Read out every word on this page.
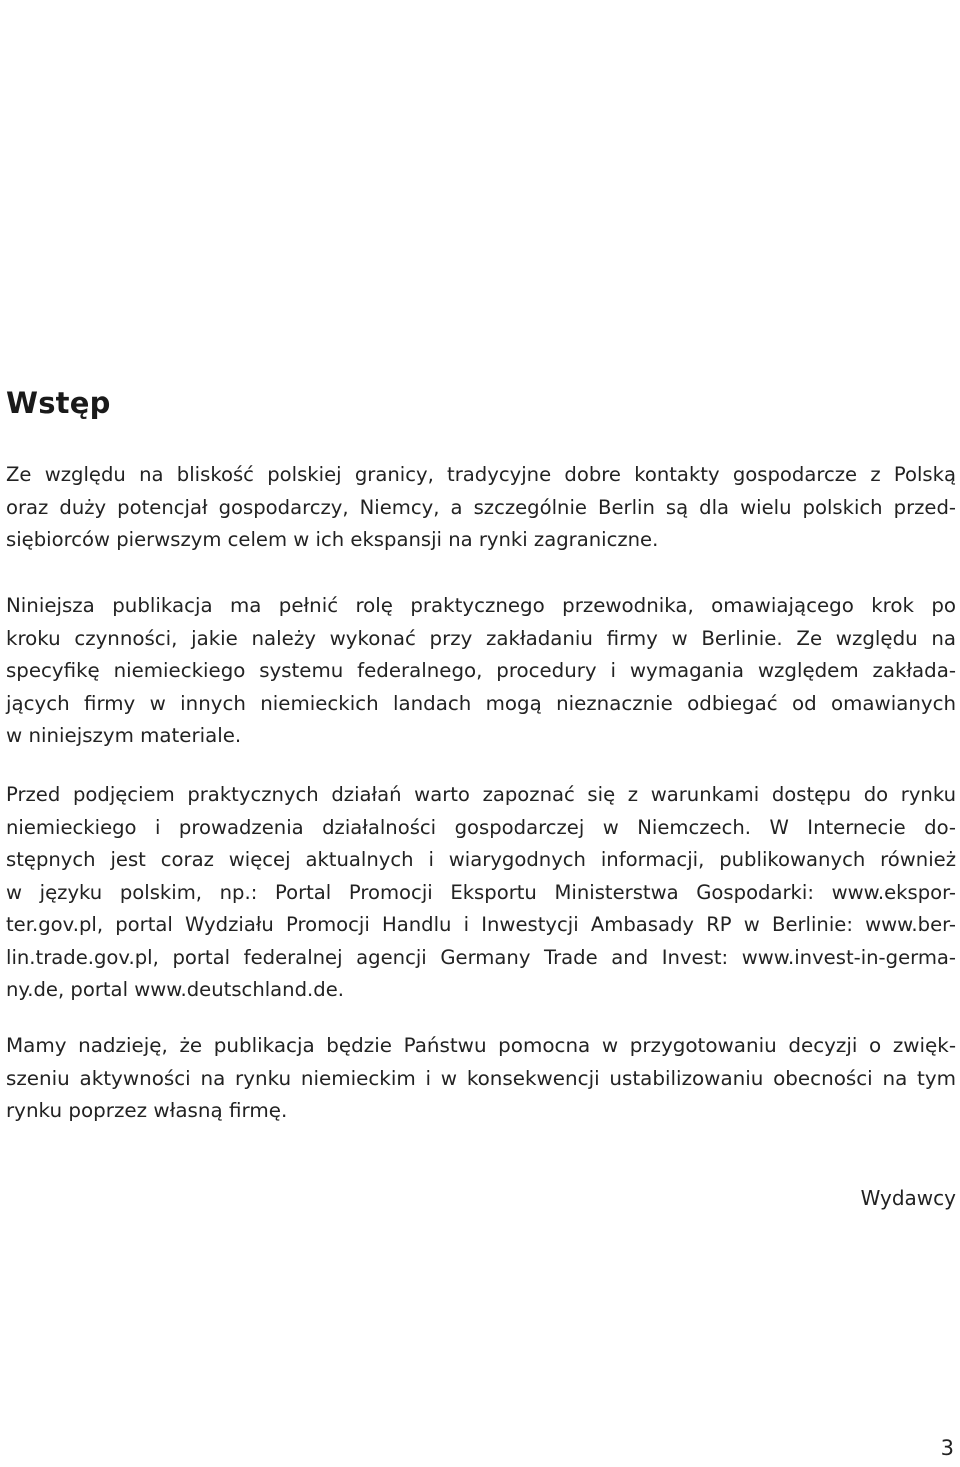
Wstęp

Ze względu na bliskość polskiej granicy, tradycyjne dobre kontakty gospodarcze z Polską
oraz duży potencjał gospodarczy, Niemcy, a szczególnie Berlin są dla wielu polskich przed-
siębiorców pierwszym celem w ich ekspansji na rynki zagraniczne.

Niniejsza publikacja ma pełnić rolę praktycznego przewodnika, omawiającego krok po
kroku czynności, jakie należy wykonać przy zakładaniu firmy w Berlinie. Ze względu na
specyfikę niemieckiego systemu federalnego, procedury i wymagania względem zakłada-
jących firmy w innych niemieckich landach mogą nieznacznie odbiegać od omawianych
w niniejszym materiale.

Przed podjęciem praktycznych działań warto zapoznać się z warunkami dostępu do rynku
niemieckiego i prowadzenia działalności gospodarczej w Niemczech. W Internecie do-
stępnych jest coraz więcej aktualnych i wiarygodnych informacji, publikowanych również
w języku polskim, np.: Portal Promocji Eksportu Ministerstwa Gospodarki: www.ekspor-
ter.gov.pl, portal Wydziału Promocji Handlu i Inwestycji Ambasady RP w Berlinie: www.ber-
lin.trade.gov.pl, portal federalnej agencji Germany Trade and Invest: www.invest-in-germa-
ny.de, portal www.deutschland.de.

Mamy nadzieję, że publikacja będzie Państwu pomocna w przygotowaniu decyzji o zwięk-
szeniu aktywności na rynku niemieckim i w konsekwencji ustabilizowaniu obecności na tym
rynku poprzez własną firmę.

Wydawcy

3
